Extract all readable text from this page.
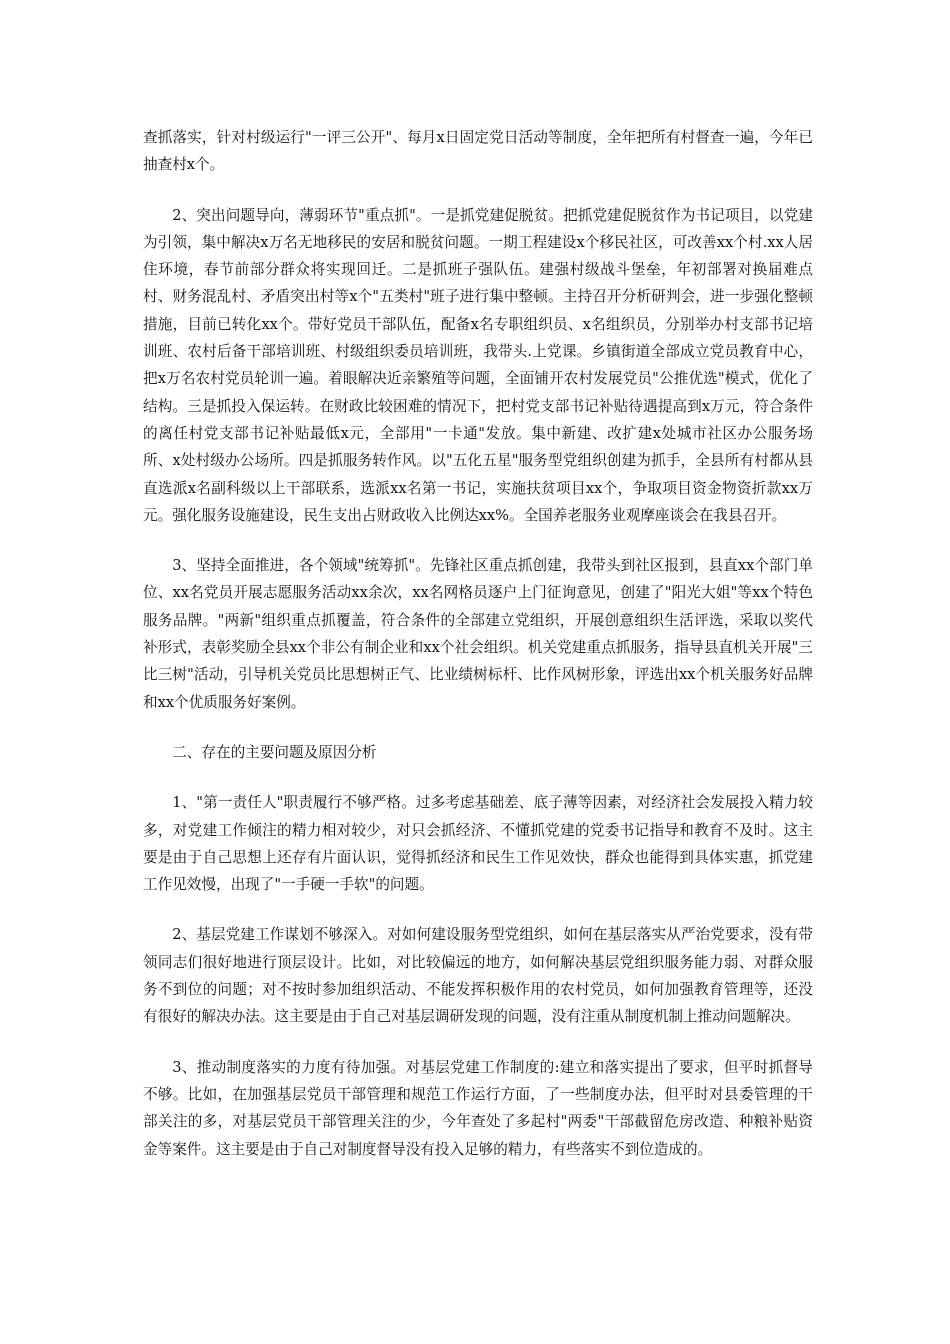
查抓落实，针对村级运行"一评三公开"、每月x日固定党日活动等制度，全年把所有村督查一遍，今年已抽查村x个。

2、突出问题导向，薄弱环节"重点抓"。一是抓党建促脱贫。把抓党建促脱贫作为书记项目，以党建为引领，集中解决x万名无地移民的安居和脱贫问题。一期工程建设x个移民社区，可改善xx个村.xx人居住环境，春节前部分群众将实现回迁。二是抓班子强队伍。建强村级战斗堡垒，年初部署对换届难点村、财务混乱村、矛盾突出村等x个"五类村"班子进行集中整顿。主持召开分析研判会，进一步强化整顿措施，目前已转化xx个。带好党员干部队伍，配备x名专职组织员、x名组织员，分别举办村支部书记培训班、农村后备干部培训班、村级组织委员培训班，我带头.上党课。乡镇街道全部成立党员教育中心，把x万名农村党员轮训一遍。着眼解决近亲繁殖等问题，全面铺开农村发展党员"公推优选"模式，优化了结构。三是抓投入保运转。在财政比较困难的情况下，把村党支部书记补贴待遇提高到x万元，符合条件的离任村党支部书记补贴最低x元，全部用"一卡通"发放。集中新建、改扩建x处城市社区办公服务场所、x处村级办公场所。四是抓服务转作风。以"五化五星"服务型党组织创建为抓手，全县所有村都从县直选派x名副科级以上干部联系，选派xx名第一书记，实施扶贫项目xx个，争取项目资金物资折款xx万元。强化服务设施建设，民生支出占财政收入比例达xx%。全国养老服务业观摩座谈会在我县召开。

3、坚持全面推进，各个领域"统筹抓"。先锋社区重点抓创建，我带头到社区报到，县直xx个部门单位、xx名党员开展志愿服务活动xx余次，xx名网格员逐户上门征询意见，创建了"阳光大姐"等xx个特色服务品牌。"两新"组织重点抓覆盖，符合条件的全部建立党组织，开展创意组织生活评选，采取以奖代补形式，表彰奖励全县xx个非公有制企业和xx个社会组织。机关党建重点抓服务，指导县直机关开展"三比三树"活动，引导机关党员比思想树正气、比业绩树标杆、比作风树形象，评选出xx个机关服务好品牌和xx个优质服务好案例。

二、存在的主要问题及原因分析

1、"第一责任人"职责履行不够严格。过多考虑基础差、底子薄等因素，对经济社会发展投入精力较多，对党建工作倾注的精力相对较少，对只会抓经济、不懂抓党建的党委书记指导和教育不及时。这主要是由于自己思想上还存有片面认识，觉得抓经济和民生工作见效快，群众也能得到具体实惠，抓党建工作见效慢，出现了"一手硬一手软"的问题。

2、基层党建工作谋划不够深入。对如何建设服务型党组织，如何在基层落实从严治党要求，没有带领同志们很好地进行顶层设计。比如，对比较偏远的地方，如何解决基层党组织服务能力弱、对群众服务不到位的问题；对不按时参加组织活动、不能发挥积极作用的农村党员，如何加强教育管理等，还没有很好的解决办法。这主要是由于自己对基层调研发现的问题，没有注重从制度机制上推动问题解决。

3、推动制度落实的力度有待加强。对基层党建工作制度的:建立和落实提出了要求，但平时抓督导不够。比如，在加强基层党员干部管理和规范工作运行方面，了一些制度办法，但平时对县委管理的干部关注的多，对基层党员干部管理关注的少，今年查处了多起村"两委"干部截留危房改造、种粮补贴资金等案件。这主要是由于自己对制度督导没有投入足够的精力，有些落实不到位造成的。
